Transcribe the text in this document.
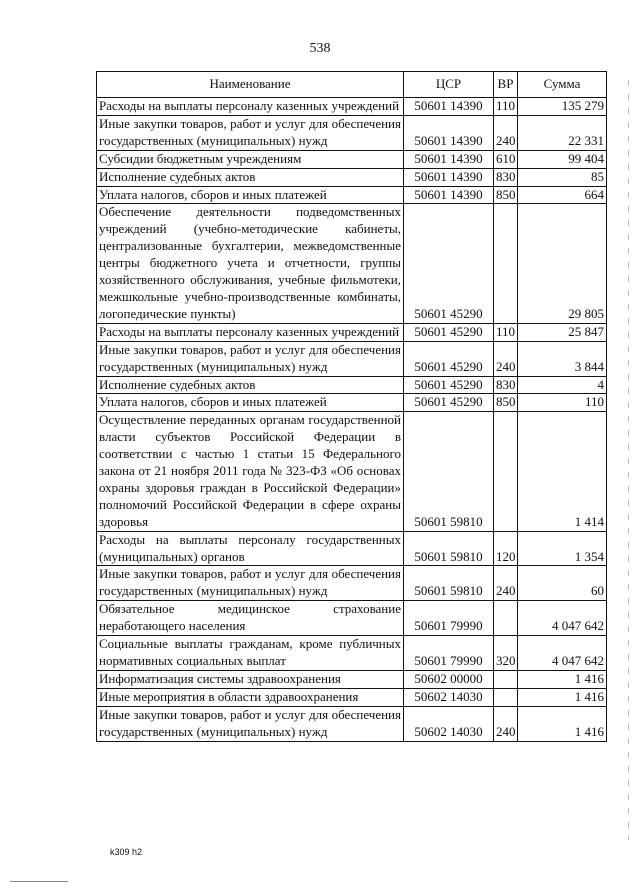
538
Наименование	ЦСР	ВР	Сумма
Расходы на выплаты персоналу казенных учреждений	50601 14390	110	135 279
Иные закупки товаров, работ и услуг для обеспечения государственных (муниципальных) нужд	50601 14390	240	22 331
Субсидии бюджетным учреждениям	50601 14390	610	99 404
Исполнение судебных актов	50601 14390	830	85
Уплата налогов, сборов и иных платежей	50601 14390	850	664
Обеспечение деятельности подведомственных учреждений (учебно-методические кабинеты, централизованные бухгалтерии, межведомственные центры бюджетного учета и отчетности, группы хозяйственного обслуживания, учебные фильмотеки, межшкольные учебно-производственные комбинаты, логопедические пункты)	50601 45290		29 805
Расходы на выплаты персоналу казенных учреждений	50601 45290	110	25 847
Иные закупки товаров, работ и услуг для обеспечения государственных (муниципальных) нужд	50601 45290	240	3 844
Исполнение судебных актов	50601 45290	830	4
Уплата налогов, сборов и иных платежей	50601 45290	850	110
Осуществление переданных органам государственной власти субъектов Российской Федерации в соответствии с частью 1 статьи 15 Федерального закона от 21 ноября 2011 года № 323-ФЗ «Об основах охраны здоровья граждан в Российской Федерации» полномочий Российской Федерации в сфере охраны здоровья	50601 59810		1 414
Расходы на выплаты персоналу государственных (муниципальных) органов	50601 59810	120	1 354
Иные закупки товаров, работ и услуг для обеспечения государственных (муниципальных) нужд	50601 59810	240	60
Обязательное медицинское страхование неработающего населения	50601 79990		4 047 642
Социальные выплаты гражданам, кроме публичных нормативных социальных выплат	50601 79990	320	4 047 642
Информатизация системы здравоохранения	50602 00000		1 416
Иные мероприятия в области здравоохранения	50602 14030		1 416
Иные закупки товаров, работ и услуг для обеспечения государственных (муниципальных) нужд	50602 14030	240	1 416
k309 h2
